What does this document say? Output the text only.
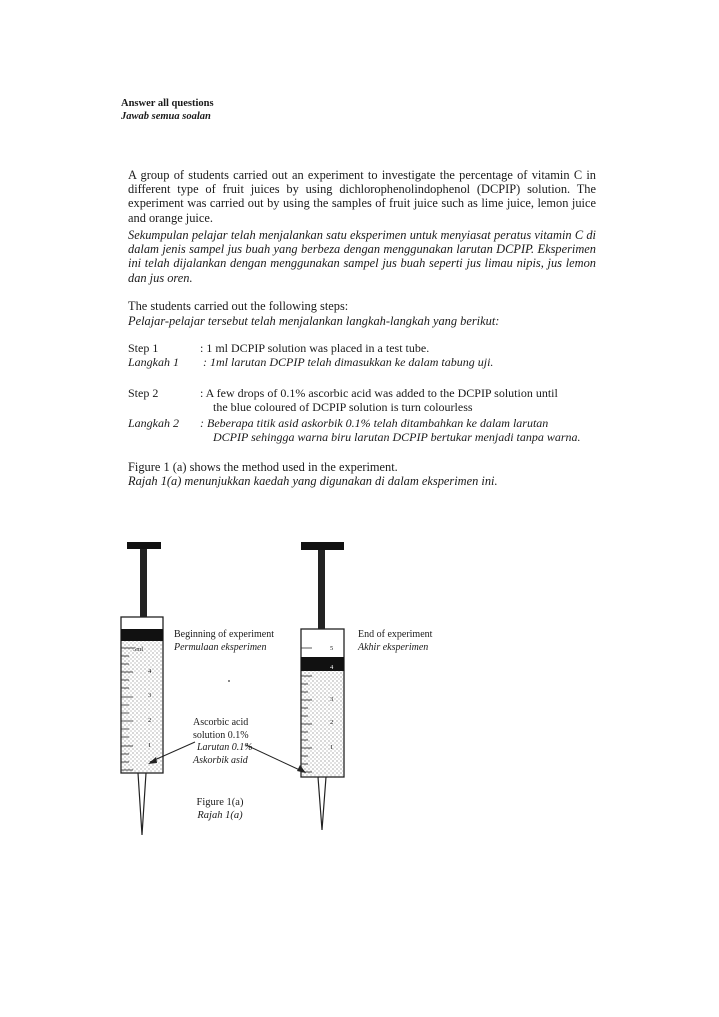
Answer all questions
Jawab semua soalan
A group of students carried out an experiment to investigate the percentage of vitamin C in different type of fruit juices by using dichlorophenolindophenol (DCPIP) solution. The experiment was carried out by using the samples of fruit juice such as lime juice, lemon juice and orange juice.
Sekumpulan pelajar telah menjalankan satu eksperimen untuk menyiasat peratus vitamin C di dalam jenis sampel jus buah yang berbeza dengan menggunakan larutan DCPIP. Eksperimen ini telah dijalankan dengan menggunakan sampel jus buah seperti jus limau nipis, jus lemon dan jus oren.
The students carried out the following steps:
Pelajar-pelajar tersebut telah menjalankan langkah-langkah yang berikut:
Step 1
Langkah 1
: 1 ml DCPIP solution was placed in a test tube.
: 1ml larutan DCPIP telah dimasukkan ke dalam tabung uji.
Step 2	: A few drops of 0.1% ascorbic acid was added to the DCPIP solution until
the blue coloured of DCPIP solution is turn colourless
Langkah 2 : Beberapa titik asid askorbik 0.1% telah ditambahkan ke dalam larutan
DCPIP sehingga warna biru larutan DCPIP bertukar menjadi tanpa warna.
Figure 1 (a) shows the method used in the experiment.
Rajah 1(a) menunjukkan kaedah yang digunakan di dalam eksperimen ini.
5ml
4
3
2
1
5
4
3
2
1
Beginning of experiment
Permulaan eksperimen
End of experiment
Akhir eksperimen
Ascorbic acid
solution 0.1%
Larutan 0.1%
Askorbik asid
Figure 1(a)
Rajah 1(a)
